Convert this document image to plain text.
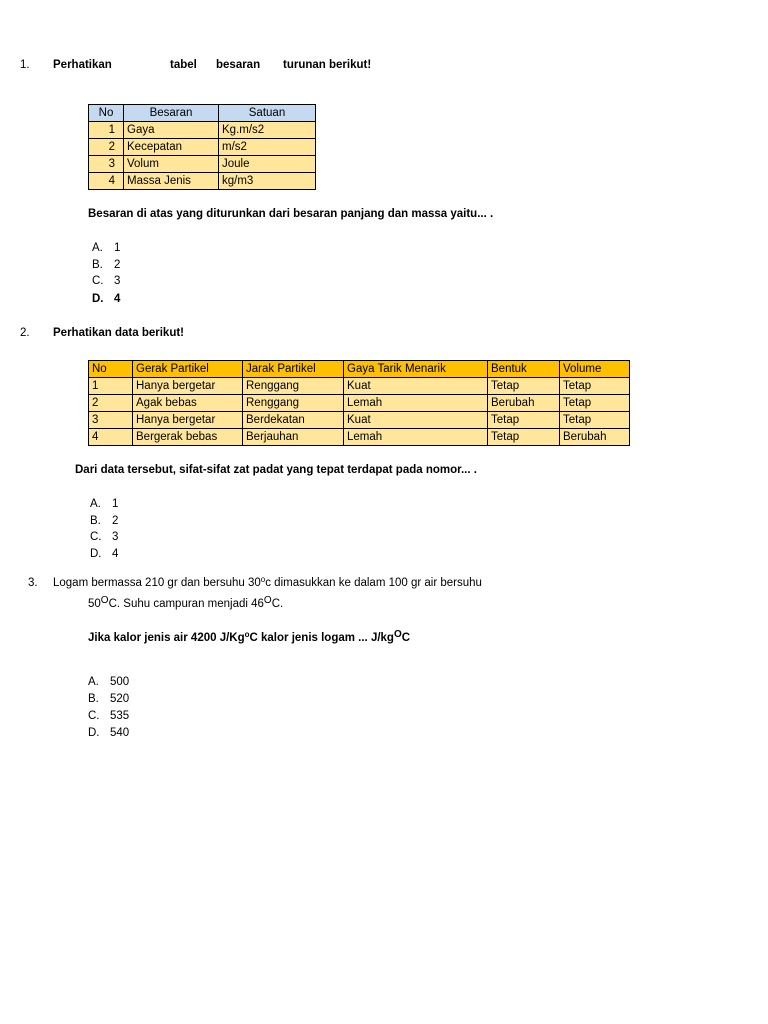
1. Perhatikan	tabel besaran turunan berikut!
No	Besaran	Satuan
1	Gaya	Kg.m/s2
2	Kecepatan	m/s2
3	Volum	Joule
4	Massa Jenis	kg/m3
Besaran di atas yang diturunkan dari besaran panjang dan massa yaitu... .
A. 1
B. 2
C. 3
D. 4
2. Perhatikan data berikut!
No	Gerak Partikel	Jarak Partikel	Gaya Tarik Menarik	Bentuk	Volume
1	Hanya bergetar	Renggang	Kuat	Tetap	Tetap
2	Agak bebas	Renggang	Lemah	Berubah	Tetap
3	Hanya bergetar	Berdekatan	Kuat	Tetap	Tetap
4	Bergerak bebas	Berjauhan	Lemah	Tetap	Berubah
Dari data tersebut, sifat-sifat zat padat yang tepat terdapat pada nomor... .
A. 1
B. 2
C. 3
D. 4
3. Logam bermassa 210 gr dan bersuhu 30$^o$c dimasukkan ke dalam 100 gr air bersuhu
$50^OC$. Suhu campuran menjadi $46^OC$.
Jika kalor jenis air 4200 J/Kg$^o$C kalor jenis logam ... $J/kg^OC$
A. 500
B. 520
C. 535
D. 540
